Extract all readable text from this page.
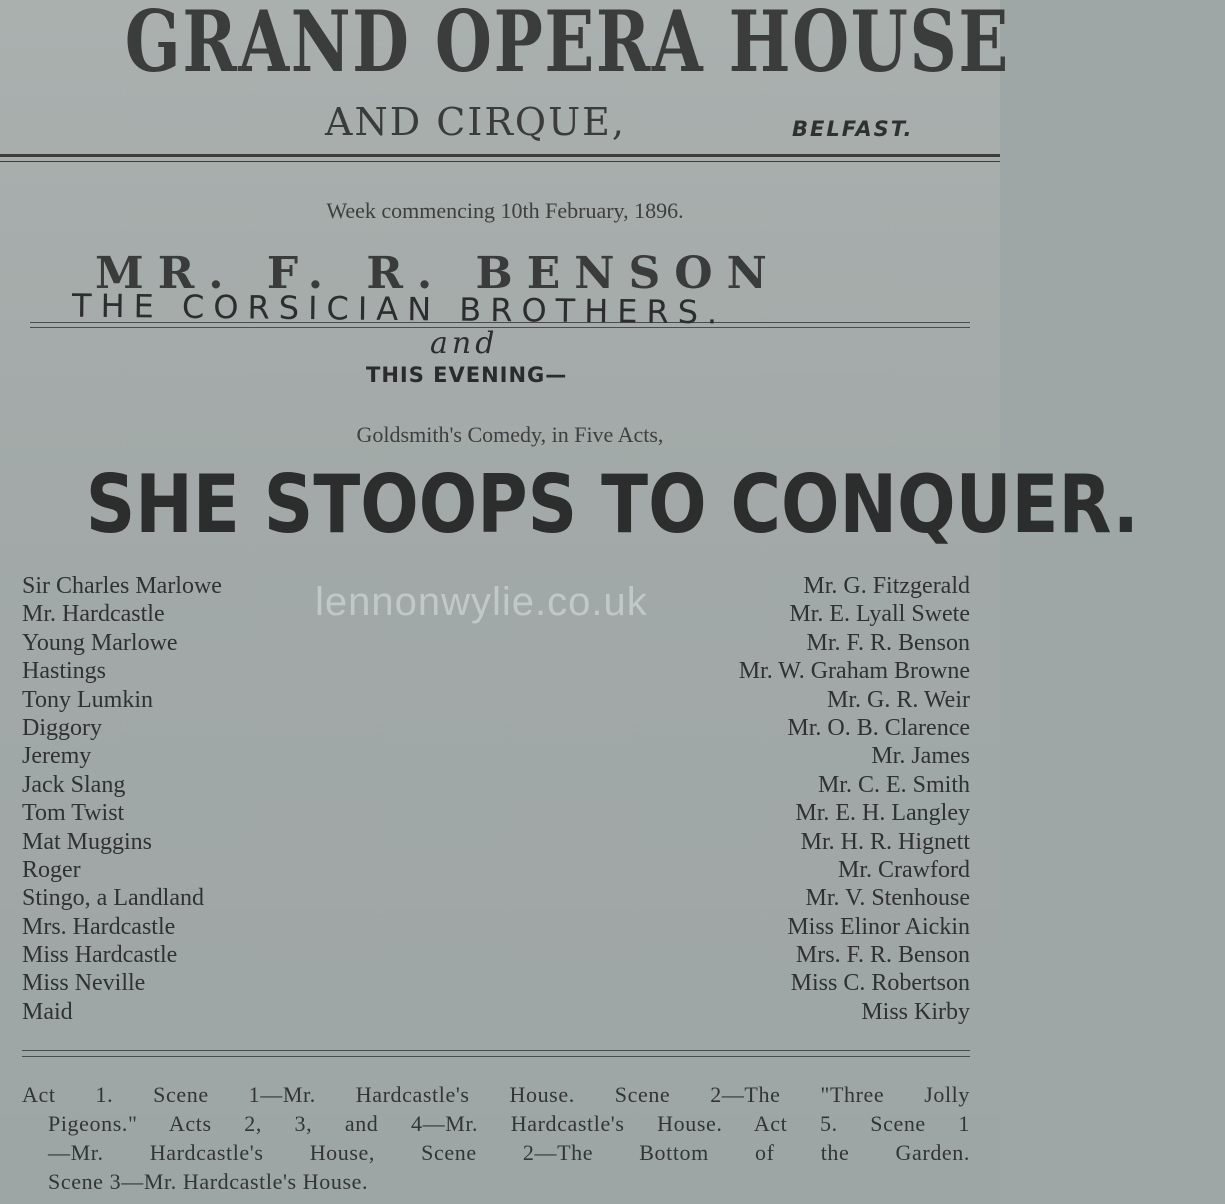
GRAND OPERA HOUSE
AND CIRQUE,	BELFAST.
Week commencing 10th February, 1896.
MR. F. R. BENSON
THE CORSICIAN BROTHERS.
and
THIS EVENING—
Goldsmith's Comedy, in Five Acts,
SHE STOOPS TO CONQUER.
Sir Charles Marlowe	Mr. G. Fitzgerald
Mr. Hardcastle	Mr. E. Lyall Swete
Young Marlowe	Mr. F. R. Benson
Hastings	Mr. W. Graham Browne
Tony Lumkin	Mr. G. R. Weir
Diggory	Mr. O. B. Clarence
Jeremy	Mr. James
Jack Slang	Mr. C. E. Smith
Tom Twist	Mr. E. H. Langley
Mat Muggins	Mr. H. R. Hignett
Roger	Mr. Crawford
Stingo, a Landland	Mr. V. Stenhouse
Mrs. Hardcastle	Miss Elinor Aickin
Miss Hardcastle	Mrs. F. R. Benson
Miss Neville	Miss C. Robertson
Maid	Miss Kirby
lennonwylie.co.uk
Act 1. Scene 1—Mr. Hardcastle's House. Scene 2—The "Three Jolly
Pigeons." Acts 2, 3, and 4—Mr. Hardcastle's House. Act 5. Scene 1
—Mr. Hardcastle's House, Scene 2—The Bottom of the Garden.
Scene 3—Mr. Hardcastle's House.
